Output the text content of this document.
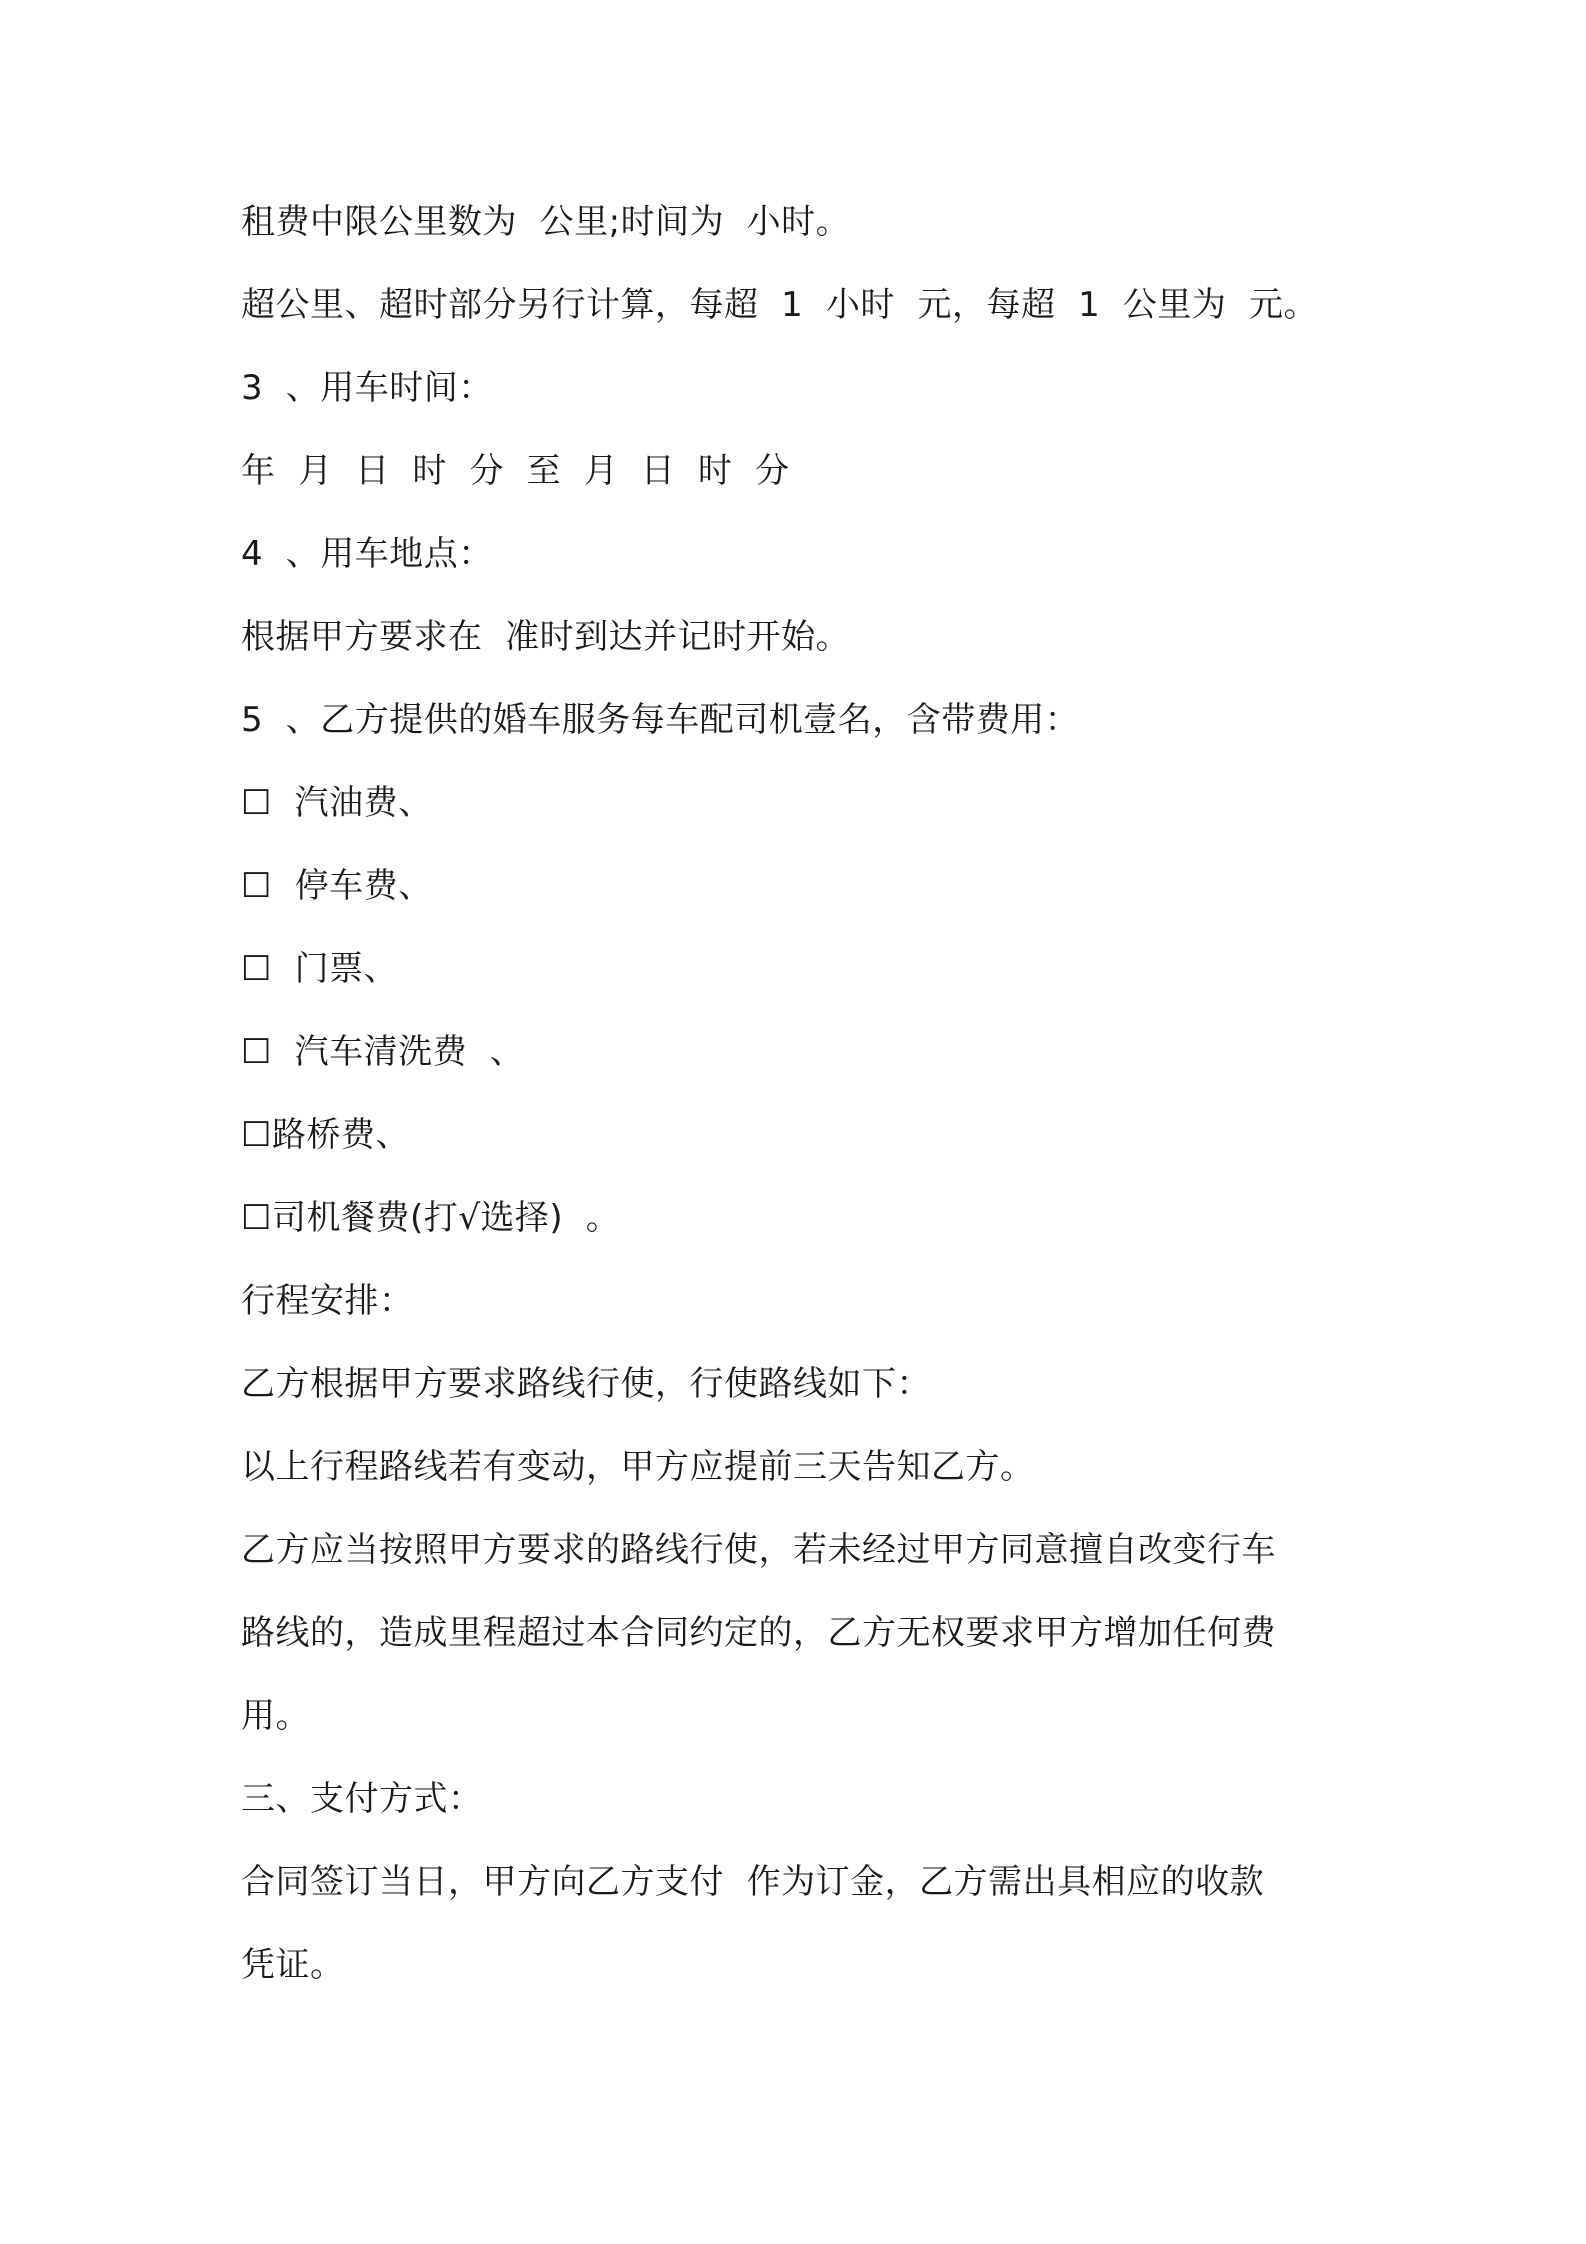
租费中限公里数为  公里;时间为  小时。
超公里、超时部分另行计算，每超  1  小时  元，每超  1  公里为  元。
3  、用车时间：
年  月  日  时  分  至  月  日  时  分
4  、用车地点：
根据甲方要求在  准时到达并记时开始。
5  、乙方提供的婚车服务每车配司机壹名，含带费用：
☐  汽油费、
☐  停车费、
☐  门票、
☐  汽车清洗费  、
☐路桥费、
☐司机餐费(打√选择)  。
行程安排：
乙方根据甲方要求路线行使，行使路线如下：
以上行程路线若有变动，甲方应提前三天告知乙方。
乙方应当按照甲方要求的路线行使，若未经过甲方同意擅自改变行车
路线的，造成里程超过本合同约定的，乙方无权要求甲方增加任何费
用。
三、支付方式：
合同签订当日，甲方向乙方支付  作为订金，乙方需出具相应的收款
凭证。
